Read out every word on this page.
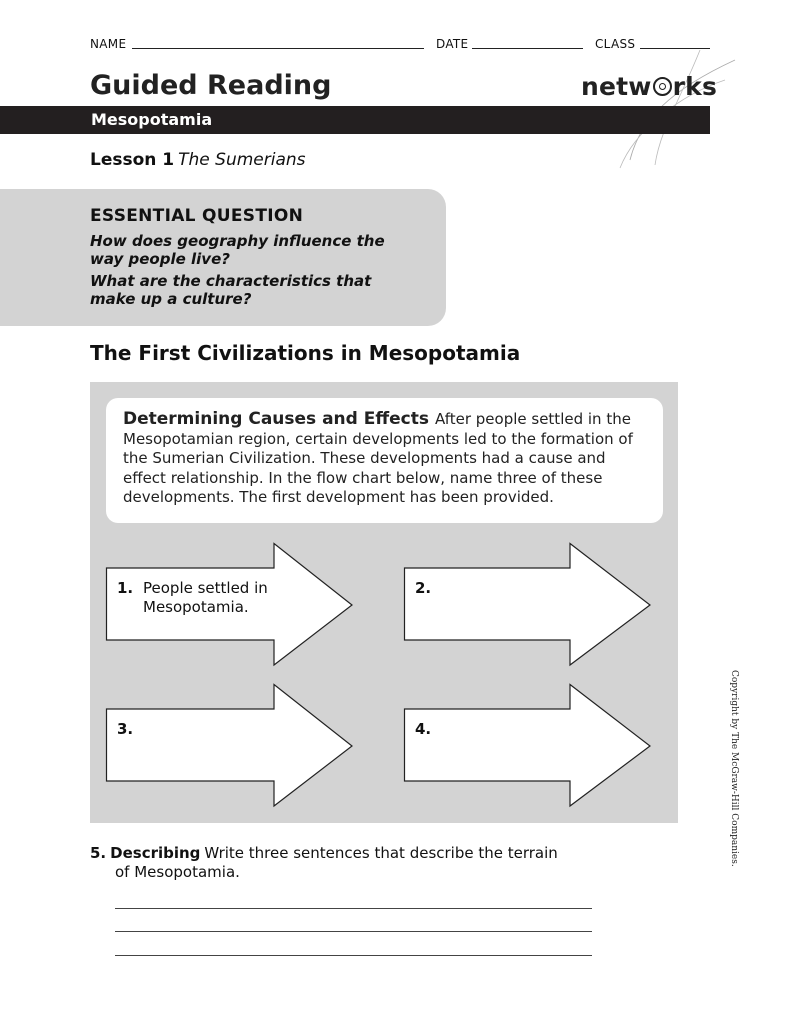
NAME	DATE	CLASS
Guided Reading	netw rks
Mesopotamia
Lesson 1 The Sumerians
ESSENTIAL QUESTION
How does geography influence the way people live?
What are the characteristics that make up a culture?
The First Civilizations in Mesopotamia
Determining Causes and Effects After people settled in the Mesopotamian region, certain developments led to the formation of the Sumerian Civilization. These developments had a cause and effect relationship. In the flow chart below, name three of these developments. The first development has been provided.
1. People settled in
Mesopotamia.
2.
3.	4.
5. Describing Write three sentences that describe the terrain
of Mesopotamia.
Copyright by The McGraw-Hill Companies.
